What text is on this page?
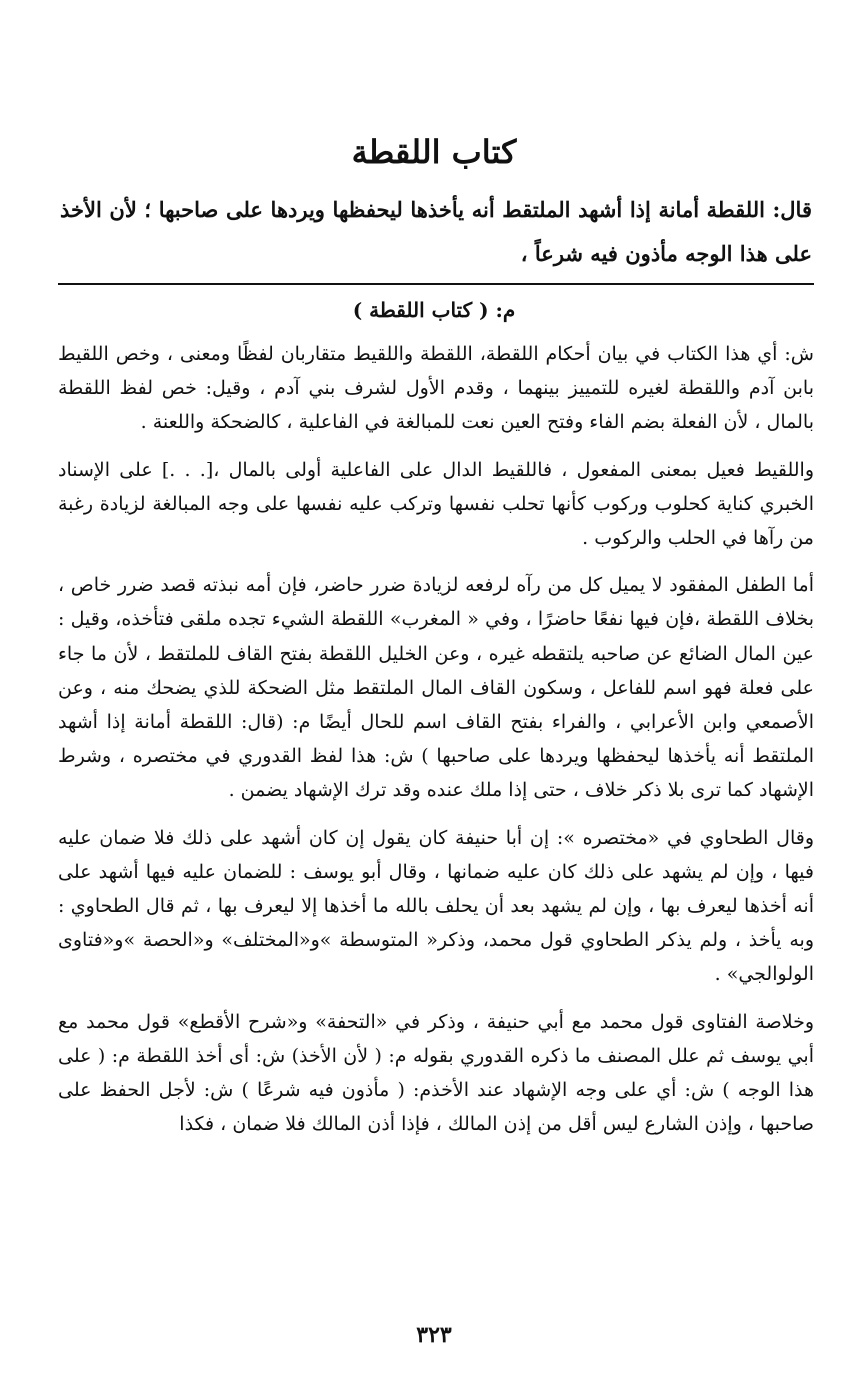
كتاب اللقطة
قال: اللقطة أمانة إذا أشهد الملتقط أنه يأخذها ليحفظها ويردها على صاحبها ؛ لأن الأخذ على هذا الوجه مأذون فيه شرعاً ،
م: ( كتاب اللقطة )

ش: أي هذا الكتاب في بيان أحكام اللقطة، اللقطة واللقيط متقاربان لفظًا ومعنى ، وخص اللقيط بابن آدم واللقطة لغيره للتمييز بينهما ، وقدم الأول لشرف بني آدم ، وقيل: خص لفظ اللقطة بالمال ، لأن الفعلة بضم الفاء وفتح العين نعت للمبالغة في الفاعلية ، كالضحكة واللعنة .

واللقيط فعيل بمعنى المفعول ، فاللقيط الدال على الفاعلية أولى بالمال ،[. . .] على الإسناد الخبري كناية كحلوب وركوب كأنها تحلب نفسها وتركب عليه نفسها على وجه المبالغة لزيادة رغبة من رآها في الحلب والركوب .

أما الطفل المفقود لا يميل كل من رآه لرفعه لزيادة ضرر حاضر، فإن أمه نبذته قصد ضرر خاص ، بخلاف اللقطة ،فإن فيها نفعًا حاضرًا ، وفي « المغرب» اللقطة الشيء تجده ملقى فتأخذه، وقيل : عين المال الضائع عن صاحبه يلتقطه غيره ، وعن الخليل اللقطة بفتح القاف للملتقط ، لأن ما جاء على فعلة فهو اسم للفاعل ، وسكون القاف المال الملتقط مثل الضحكة للذي يضحك منه ، وعن الأصمعي وابن الأعرابي ، والفراء بفتح القاف اسم للحال أيضًا م: (قال: اللقطة أمانة إذا أشهد الملتقط أنه يأخذها ليحفظها ويردها على صاحبها ) ش: هذا لفظ القدوري في مختصره ، وشرط الإشهاد كما ترى بلا ذكر خلاف ، حتى إذا ملك عنده وقد ترك الإشهاد يضمن .

وقال الطحاوي في «مختصره »: إن أبا حنيفة كان يقول إن كان أشهد على ذلك فلا ضمان عليه فيها ، وإن لم يشهد على ذلك كان عليه ضمانها ، وقال أبو يوسف : للضمان عليه فيها أشهد على أنه أخذها ليعرف بها ، وإن لم يشهد بعد أن يحلف بالله ما أخذها إلا ليعرف بها ، ثم قال الطحاوي : وبه يأخذ ، ولم يذكر الطحاوي قول محمد، وذكر« المتوسطة »و«المختلف» و«الحصة »و«فتاوى الولوالجي» .

وخلاصة الفتاوى قول محمد مع أبي حنيفة ، وذكر في «التحفة» و«شرح الأقطع» قول محمد مع أبي يوسف ثم علل المصنف ما ذكره القدوري بقوله م: ( لأن الأخذ) ش: أى أخذ اللقطة م: ( على هذا الوجه ) ش: أي على وجه الإشهاد عند الأخذم: ( مأذون فيه شرعًا ) ش: لأجل الحفظ على صاحبها ، وإذن الشارع ليس أقل من إذن المالك ، فإذا أذن المالك فلا ضمان ، فكذا

٣٢٣
